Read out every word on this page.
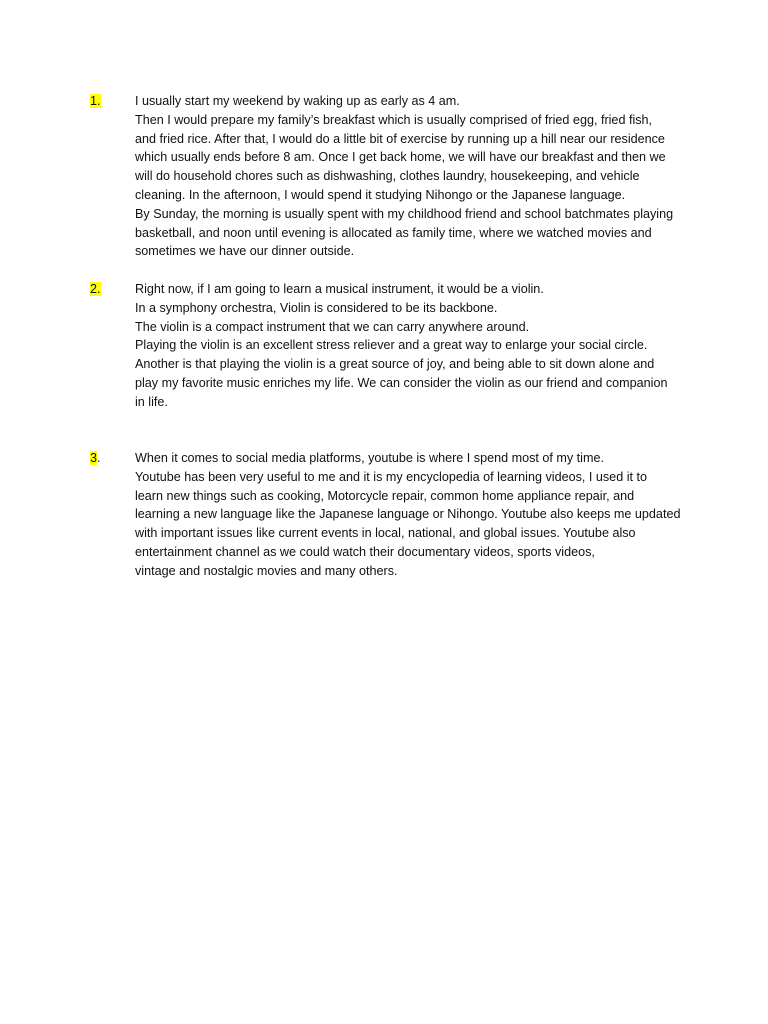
1.	I usually start my weekend by waking up as early as 4 am.
Then I would prepare my family’s breakfast which is usually comprised of fried egg, fried fish,
and fried rice. After that, I would do a little bit of exercise by running up a hill near our residence
which usually ends before 8 am. Once I get back home, we will have our breakfast and then we
will do household chores such as dishwashing, clothes laundry, housekeeping, and vehicle
cleaning. In the afternoon, I would spend it studying Nihongo or the Japanese language.
By Sunday, the morning is usually spent with my childhood friend and school batchmates playing
basketball, and noon until evening is allocated as family time, where we watched movies and
sometimes we have our dinner outside.
2.	Right now, if I am going to learn a musical instrument, it would be a violin.
In a symphony orchestra, Violin is considered to be its backbone.
The violin is a compact instrument that we can carry anywhere around.
Playing the violin is an excellent stress reliever and a great way to enlarge your social circle.
Another is that playing the violin is a great source of joy, and being able to sit down alone and
play my favorite music enriches my life. We can consider the violin as our friend and companion
in life.
3.	When it comes to social media platforms, youtube is where I spend most of my time.
Youtube has been very useful to me and it is my encyclopedia of learning videos, I used it to
learn new things such as cooking, Motorcycle repair, common home appliance repair, and
learning a new language like the Japanese language or Nihongo. Youtube also keeps me updated
with important issues like current events in local, national, and global issues. Youtube also
entertainment channel as we could watch their documentary videos, sports videos,
vintage and nostalgic movies and many others.
